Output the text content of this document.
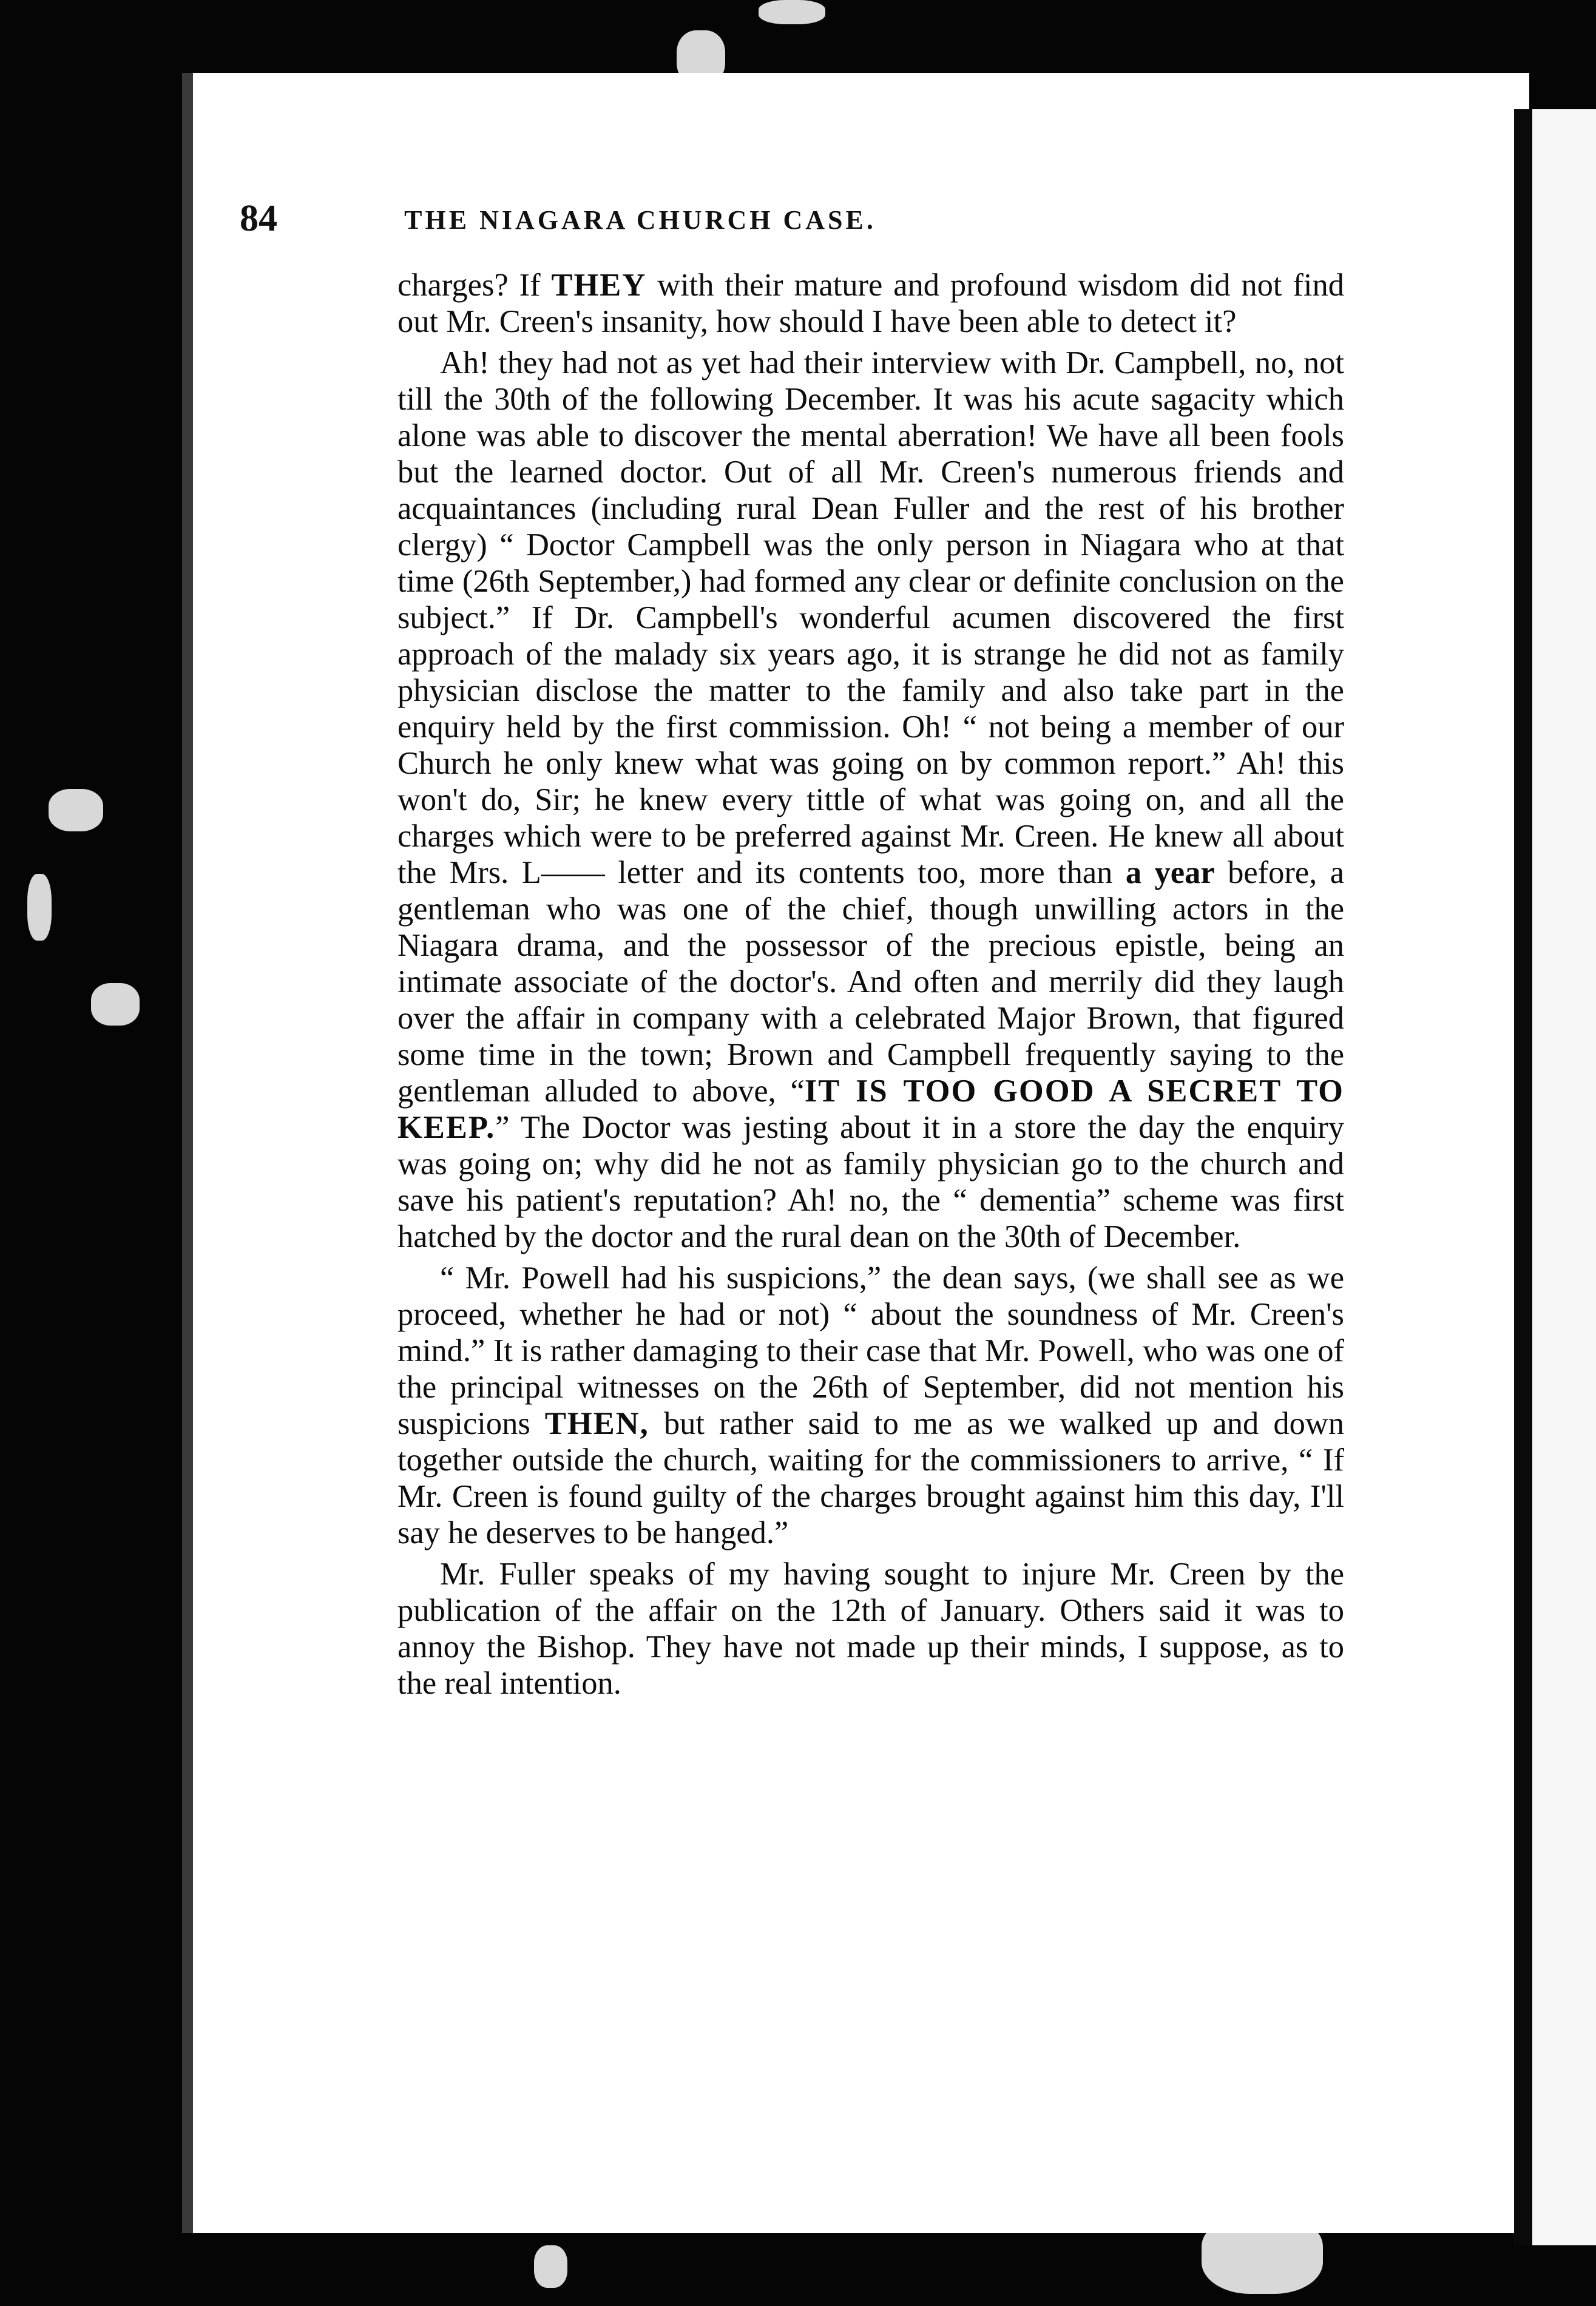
84	THE NIAGARA CHURCH CASE.

charges? If THEY with their mature and profound wisdom did not find out Mr. Creen's insanity, how should I have been able to detect it?

Ah! they had not as yet had their interview with Dr. Campbell, no, not till the 30th of the following December. It was his acute sagacity which alone was able to discover the mental aberration! We have all been fools but the learned doctor. Out of all Mr. Creen's numerous friends and acquaintances (including rural Dean Fuller and the rest of his brother clergy) “ Doctor Campbell was the only person in Niagara who at that time (26th September,) had formed any clear or definite conclusion on the subject.” If Dr. Campbell's wonderful acumen discovered the first approach of the malady six years ago, it is strange he did not as family physician disclose the matter to the family and also take part in the enquiry held by the first commission. Oh! “ not being a member of our Church he only knew what was going on by common report.” Ah! this won't do, Sir; he knew every tittle of what was going on, and all the charges which were to be preferred against Mr. Creen. He knew all about the Mrs. L—— letter and its contents too, more than a year before, a gentleman who was one of the chief, though unwilling actors in the Niagara drama, and the possessor of the precious epistle, being an intimate associate of the doctor's. And often and merrily did they laugh over the affair in company with a celebrated Major Brown, that figured some time in the town; Brown and Campbell frequently saying to the gentleman alluded to above, “IT IS TOO GOOD A SECRET TO KEEP.” The Doctor was jesting about it in a store the day the enquiry was going on; why did he not as family physician go to the church and save his patient's reputation? Ah! no, the “ dementia” scheme was first hatched by the doctor and the rural dean on the 30th of December.

“ Mr. Powell had his suspicions,” the dean says, (we shall see as we proceed, whether he had or not) “ about the soundness of Mr. Creen's mind.” It is rather damaging to their case that Mr. Powell, who was one of the principal witnesses on the 26th of September, did not mention his suspicions THEN, but rather said to me as we walked up and down together outside the church, waiting for the commissioners to arrive, “ If Mr. Creen is found guilty of the charges brought against him this day, I'll say he deserves to be hanged.”

Mr. Fuller speaks of my having sought to injure Mr. Creen by the publication of the affair on the 12th of January. Others said it was to annoy the Bishop. They have not made up their minds, I suppose, as to the real intention.
